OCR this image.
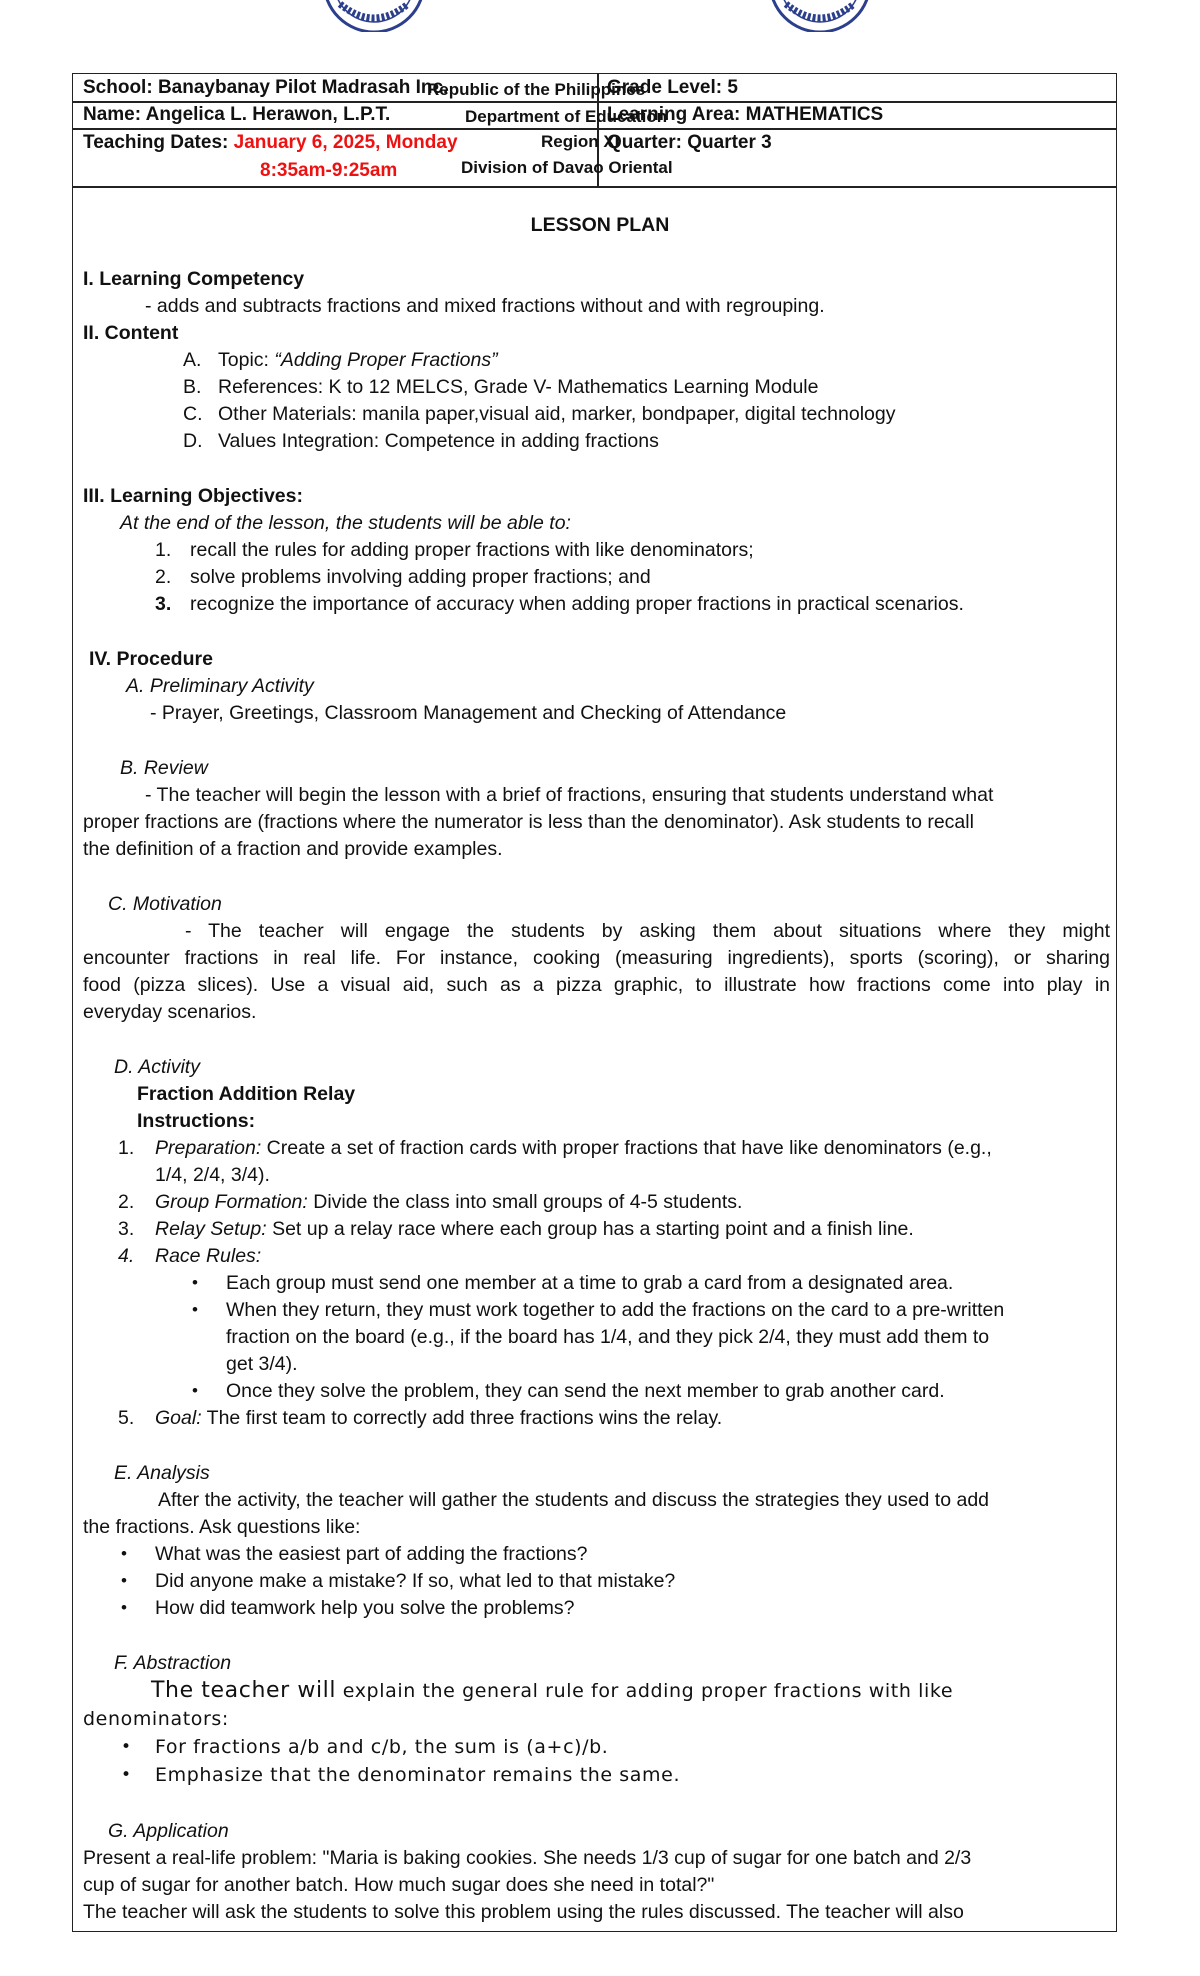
School: Banaybanay Pilot Madrasah Inc.	Grade Level: 5
Name: Angelica L. Herawon, L.P.T.	Learning Area: MATHEMATICS
Teaching Dates: January 6, 2025, Monday
8:35am-9:25am
Quarter: Quarter 3
Republic of the Philippines
Department of Education
Region XI
Division of Davao Oriental
LESSON PLAN
I. Learning Competency
- adds and subtracts fractions and mixed fractions without and with regrouping.
II. Content
A. Topic: “Adding Proper Fractions”
B. References: K to 12 MELCS, Grade V- Mathematics Learning Module
C. Other Materials: manila paper,visual aid, marker, bondpaper, digital technology
D. Values Integration: Competence in adding fractions
III. Learning Objectives:
At the end of the lesson, the students will be able to:
1. recall the rules for adding proper fractions with like denominators;
2. solve problems involving adding proper fractions; and
3. recognize the importance of accuracy when adding proper fractions in practical scenarios.
IV. Procedure
A. Preliminary Activity
- Prayer, Greetings, Classroom Management and Checking of Attendance
B. Review
- The teacher will begin the lesson with a brief of fractions, ensuring that students understand what
proper fractions are (fractions where the numerator is less than the denominator). Ask students to recall
the definition of a fraction and provide examples.
C. Motivation
- The teacher will engage the students by asking them about situations where they might
encounter fractions in real life. For instance, cooking (measuring ingredients), sports (scoring), or sharing
food (pizza slices). Use a visual aid, such as a pizza graphic, to illustrate how fractions come into play in
everyday scenarios.
D. Activity
Fraction Addition Relay
Instructions:
1. Preparation: Create a set of fraction cards with proper fractions that have like denominators (e.g.,
1/4, 2/4, 3/4).
2. Group Formation: Divide the class into small groups of 4-5 students.
3. Relay Setup: Set up a relay race where each group has a starting point and a finish line.
4. Race Rules:
• Each group must send one member at a time to grab a card from a designated area.
• When they return, they must work together to add the fractions on the card to a pre-written
fraction on the board (e.g., if the board has 1/4, and they pick 2/4, they must add them to
get 3/4).
• Once they solve the problem, they can send the next member to grab another card.
5. Goal: The first team to correctly add three fractions wins the relay.
E. Analysis
After the activity, the teacher will gather the students and discuss the strategies they used to add
the fractions. Ask questions like:
• What was the easiest part of adding the fractions?
• Did anyone make a mistake? If so, what led to that mistake?
• How did teamwork help you solve the problems?
F. Abstraction
The teacher will explain the general rule for adding proper fractions with like
denominators:
• For fractions a/b and c/b, the sum is (a+c)/b.
• Emphasize that the denominator remains the same.
G. Application
Present a real-life problem: "Maria is baking cookies. She needs 1/3 cup of sugar for one batch and 2/3
cup of sugar for another batch. How much sugar does she need in total?"
The teacher will ask the students to solve this problem using the rules discussed. The teacher will also
